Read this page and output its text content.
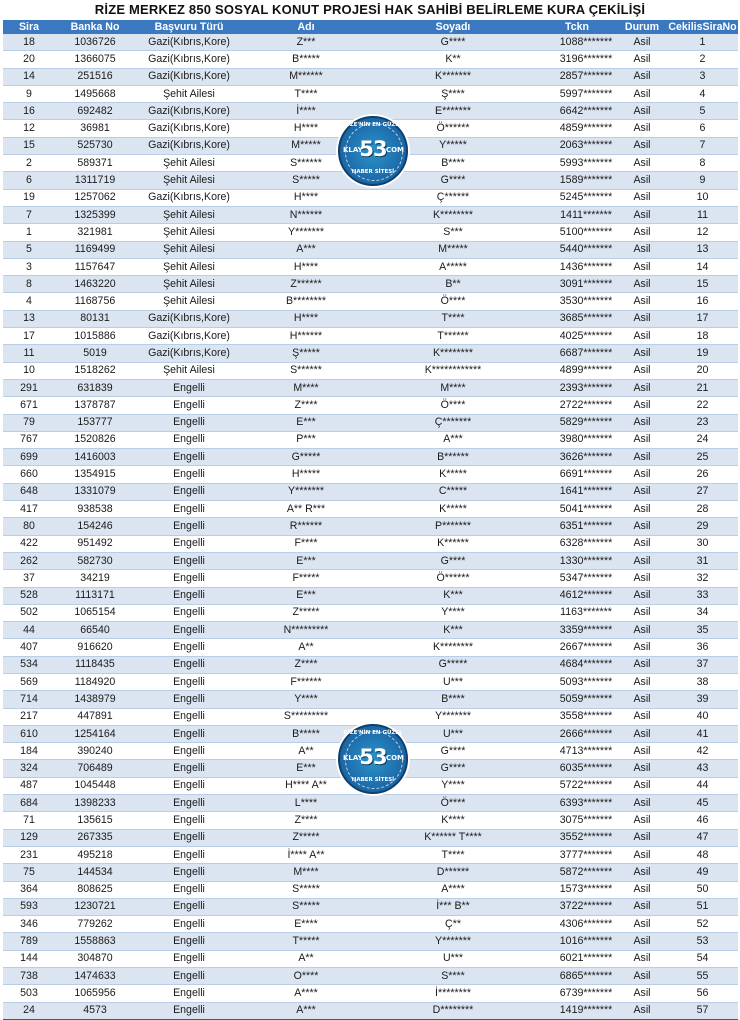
RİZE MERKEZ 850 SOSYAL KONUT PROJESİ HAK SAHİBİ BELİRLEME KURA ÇEKİLİŞİ
Sira	Banka No	Başvuru Türü	Adı	Soyadı	Tckn	Durum	CekilisSiraNo
18	1036726	Gazi(Kıbrıs,Kore)	Z***	G****	1088*******	Asil	1
20	1366075	Gazi(Kıbrıs,Kore)	B*****	K**	3196*******	Asil	2
14	251516	Gazi(Kıbrıs,Kore)	M******	K*******	2857*******	Asil	3
9	1495668	Şehit Ailesi	T****	Ş****	5997*******	Asil	4
16	692482	Gazi(Kıbrıs,Kore)	İ****	E*******	6642*******	Asil	5
12	36981	Gazi(Kıbrıs,Kore)	H****	Ö******	4859*******	Asil	6
15	525730	Gazi(Kıbrıs,Kore)	M*****	Y*****	2063*******	Asil	7
2	589371	Şehit Ailesi	S******	B****	5993*******	Asil	8
6	1311719	Şehit Ailesi	S*****	G****	1589*******	Asil	9
19	1257062	Gazi(Kıbrıs,Kore)	H****	Ç******	5245*******	Asil	10
7	1325399	Şehit Ailesi	N******	K********	1411*******	Asil	11
1	321981	Şehit Ailesi	Y*******	S***	5100*******	Asil	12
5	1169499	Şehit Ailesi	A***	M*****	5440*******	Asil	13
3	1157647	Şehit Ailesi	H****	A*****	1436*******	Asil	14
8	1463220	Şehit Ailesi	Z******	B**	3091*******	Asil	15
4	1168756	Şehit Ailesi	B********	Ö****	3530*******	Asil	16
13	80131	Gazi(Kıbrıs,Kore)	H****	T****	3685*******	Asil	17
17	1015886	Gazi(Kıbrıs,Kore)	H******	T******	4025*******	Asil	18
11	5019	Gazi(Kıbrıs,Kore)	Ş*****	K********	6687*******	Asil	19
10	1518262	Şehit Ailesi	S******	K************	4899*******	Asil	20
291	631839	Engelli	M****	M****	2393*******	Asil	21
671	1378787	Engelli	Z****	Ö****	2722*******	Asil	22
79	153777	Engelli	E***	Ç*******	5829*******	Asil	23
767	1520826	Engelli	P***	A***	3980*******	Asil	24
699	1416003	Engelli	G*****	B******	3626*******	Asil	25
660	1354915	Engelli	H*****	K*****	6691*******	Asil	26
648	1331079	Engelli	Y*******	C*****	1641*******	Asil	27
417	938538	Engelli	A** R***	K*****	5041*******	Asil	28
80	154246	Engelli	R******	P*******	6351*******	Asil	29
422	951492	Engelli	F****	K******	6328*******	Asil	30
262	582730	Engelli	E***	G****	1330*******	Asil	31
37	34219	Engelli	F*****	Ö******	5347*******	Asil	32
528	1113171	Engelli	E***	K***	4612*******	Asil	33
502	1065154	Engelli	Z*****	Y****	1163*******	Asil	34
44	66540	Engelli	N*********	K***	3359*******	Asil	35
407	916620	Engelli	A**	K********	2667*******	Asil	36
534	1118435	Engelli	Z****	G*****	4684*******	Asil	37
569	1184920	Engelli	F******	U***	5093*******	Asil	38
714	1438979	Engelli	Y****	B****	5059*******	Asil	39
217	447891	Engelli	S*********	Y*******	3558*******	Asil	40
610	1254164	Engelli	B*****	U***	2666*******	Asil	41
184	390240	Engelli	A**	G****	4713*******	Asil	42
324	706489	Engelli	E***	G****	6035*******	Asil	43
487	1045448	Engelli	H**** A**	Y****	5722*******	Asil	44
684	1398233	Engelli	L****	Ö****	6393*******	Asil	45
71	135615	Engelli	Z****	K****	3075*******	Asil	46
129	267335	Engelli	Z*****	K****** T****	3552*******	Asil	47
231	495218	Engelli	İ**** A**	T****	3777*******	Asil	48
75	144534	Engelli	M****	D******	5872*******	Asil	49
364	808625	Engelli	S*****	A****	1573*******	Asil	50
593	1230721	Engelli	S*****	İ*** B**	3722*******	Asil	51
346	779262	Engelli	E****	Ç**	4306*******	Asil	52
789	1558863	Engelli	T*****	Y*******	1016*******	Asil	53
144	304870	Engelli	A**	U***	6021*******	Asil	54
738	1474633	Engelli	O****	S****	6865*******	Asil	55
503	1065956	Engelli	A****	İ********	6739*******	Asil	56
24	4573	Engelli	A***	D********	1419*******	Asil	57
RİZE'NİN EN GÜZEL
KLAY
53 COM
HABER SİTESİ
RİZE'NİN EN GÜZEL
KLAY
53 COM
HABER SİTESİ
